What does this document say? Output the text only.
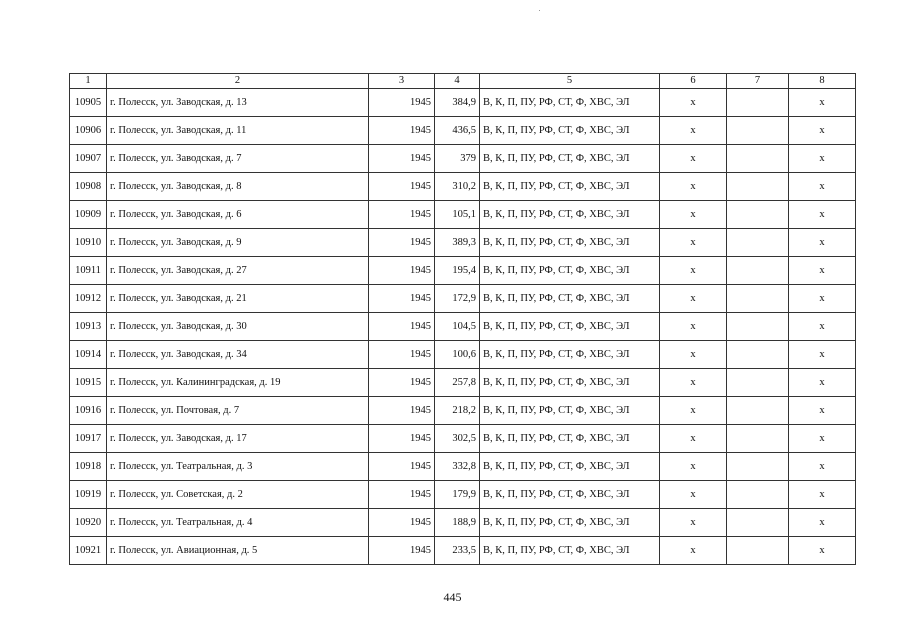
1	2	3	4	5	6	7	8
10905	г. Полесск, ул. Заводская, д. 13	1945	384,9	В, К, П, ПУ, РФ, СТ, Ф, ХВС, ЭЛ	х		х
10906	г. Полесск, ул. Заводская, д. 11	1945	436,5	В, К, П, ПУ, РФ, СТ, Ф, ХВС, ЭЛ	х		х
10907	г. Полесск, ул. Заводская, д. 7	1945	379	В, К, П, ПУ, РФ, СТ, Ф, ХВС, ЭЛ	х		х
10908	г. Полесск, ул. Заводская, д. 8	1945	310,2	В, К, П, ПУ, РФ, СТ, Ф, ХВС, ЭЛ	х		х
10909	г. Полесск, ул. Заводская, д. 6	1945	105,1	В, К, П, ПУ, РФ, СТ, Ф, ХВС, ЭЛ	х		х
10910	г. Полесск, ул. Заводская, д. 9	1945	389,3	В, К, П, ПУ, РФ, СТ, Ф, ХВС, ЭЛ	х		х
10911	г. Полесск, ул. Заводская, д. 27	1945	195,4	В, К, П, ПУ, РФ, СТ, Ф, ХВС, ЭЛ	х		х
10912	г. Полесск, ул. Заводская, д. 21	1945	172,9	В, К, П, ПУ, РФ, СТ, Ф, ХВС, ЭЛ	х		х
10913	г. Полесск, ул. Заводская, д. 30	1945	104,5	В, К, П, ПУ, РФ, СТ, Ф, ХВС, ЭЛ	х		х
10914	г. Полесск, ул. Заводская, д. 34	1945	100,6	В, К, П, ПУ, РФ, СТ, Ф, ХВС, ЭЛ	х		х
10915	г. Полесск, ул. Калининградская, д. 19	1945	257,8	В, К, П, ПУ, РФ, СТ, Ф, ХВС, ЭЛ	х		х
10916	г. Полесск, ул. Почтовая, д. 7	1945	218,2	В, К, П, ПУ, РФ, СТ, Ф, ХВС, ЭЛ	х		х
10917	г. Полесск, ул. Заводская, д. 17	1945	302,5	В, К, П, ПУ, РФ, СТ, Ф, ХВС, ЭЛ	х		х
10918	г. Полесск, ул. Театральная, д. 3	1945	332,8	В, К, П, ПУ, РФ, СТ, Ф, ХВС, ЭЛ	х		х
10919	г. Полесск, ул. Советская, д. 2	1945	179,9	В, К, П, ПУ, РФ, СТ, Ф, ХВС, ЭЛ	х		х
10920	г. Полесск, ул. Театральная, д. 4	1945	188,9	В, К, П, ПУ, РФ, СТ, Ф, ХВС, ЭЛ	х		х
10921	г. Полесск, ул. Авиационная, д. 5	1945	233,5	В, К, П, ПУ, РФ, СТ, Ф, ХВС, ЭЛ	х		х
445
